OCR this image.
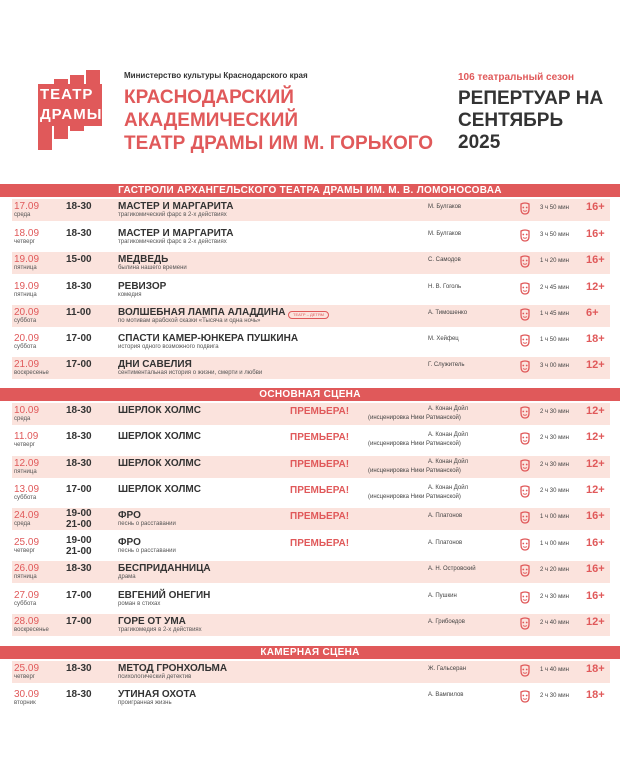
ТЕАТР
ДРАМЫ
Министерство культуры Краснодарского края
КРАСНОДАРСКИЙ АКАДЕМИЧЕСКИЙ
ТЕАТР ДРАМЫ ИМ М. ГОРЬКОГО
106 театральный сезон
РЕПЕРТУАР НА
СЕНТЯБРЬ 2025
ГАСТРОЛИ АРХАНГЕЛЬСКОГО ТЕАТРА ДРАМЫ ИМ. М. В. ЛОМОНОСОВАА
17.09
среда
18-30	МАСТЕР И МАРГАРИТА
трагикомический фарс в 2-х действиях
М. Булгаков	3 ч 50 мин 16+
18.09
четверг
18-30	МАСТЕР И МАРГАРИТА
трагикомический фарс в 2-х действиях
М. Булгаков	3 ч 50 мин 16+
19.09
пятница
15-00	МЕДВЕДЬ
былина нашего времени
С. Самодов	1 ч 20 мин 16+
19.09
пятница
18-30	РЕВИЗОР
комедия
Н. В. Гоголь	2 ч 45 мин 12+
20.09
суббота
11-00	ВОЛШЕБНАЯ ЛАМПА АЛАДДИНА
по мотивам арабской сказки «Тысяча и одна ночь»
ТЕАТР – ДЕТЯМ	А. Тимошенко	1 ч 45 мин 6+
20.09
суббота
17-00	СПАСТИ КАМЕР-ЮНКЕРА ПУШКИНА
история одного возможного подвига
М. Хейфец	1 ч 50 мин 18+
21.09
воскресенье
17-00	ДНИ САВЕЛИЯ
сентиментальная история о жизни, смерти и любви
Г. Служитель	3 ч 00 мин 12+
ОСНОВНАЯ СЦЕНА
10.09
среда
18-30	ШЕРЛОК ХОЛМС	ПРЕМЬЕРА!	А. Конан Дойл
(инсценировка Ники Ратманской)
2 ч 30 мин 12+
11.09
четверг
18-30	ШЕРЛОК ХОЛМС	ПРЕМЬЕРА!	А. Конан Дойл
(инсценировка Ники Ратманской)
2 ч 30 мин 12+
12.09
пятница
18-30	ШЕРЛОК ХОЛМС	ПРЕМЬЕРА!	А. Конан Дойл
(инсценировка Ники Ратманской)
2 ч 30 мин 12+
13.09
суббота
17-00	ШЕРЛОК ХОЛМС	ПРЕМЬЕРА!	А. Конан Дойл
(инсценировка Ники Ратманской)
2 ч 30 мин 12+
24.09
среда
19-00
21-00
ФРО
песнь о расставании
ПРЕМЬЕРА!	А. Платонов	1 ч 00 мин 16+
25.09
четверг
19-00
21-00
ФРО
песнь о расставании
ПРЕМЬЕРА!	А. Платонов	1 ч 00 мин 16+
26.09
пятница
18-30	БЕСПРИДАННИЦА
драма
А. Н. Островский	2 ч 20 мин 16+
27.09
суббота
17-00	ЕВГЕНИЙ ОНЕГИН
роман в стихах
А. Пушкин	2 ч 30 мин 16+
28.09
воскресенье
17-00	ГОРЕ ОТ УМА
трагикомедия в 2-х действиях
А. Грибоедов	2 ч 40 мин 12+
КАМЕРНАЯ СЦЕНА
25.09
четверг
18-30	МЕТОД ГРОНХОЛЬМА
психологический детектив
Ж. Гальсеран	1 ч 40 мин 18+
30.09
вторник
18-30	УТИНАЯ ОХОТА
проигранная жизнь
А. Вампилов	2 ч 30 мин 18+
